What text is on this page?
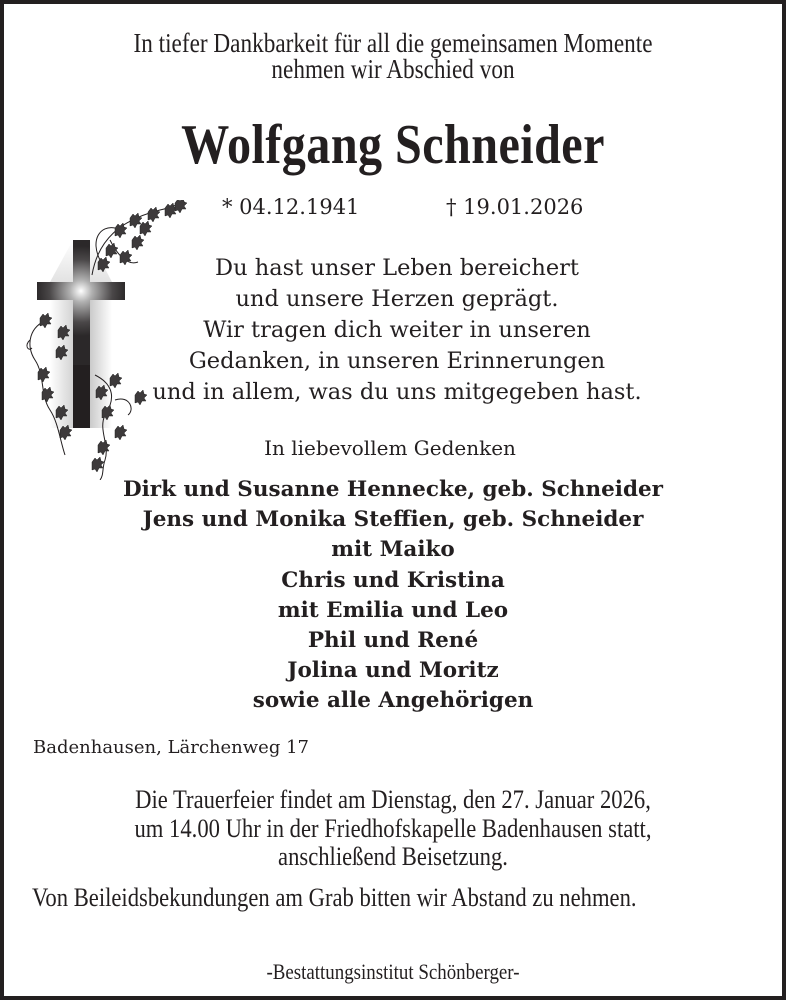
In tiefer Dankbarkeit für all die gemeinsamen Momente
nehmen wir Abschied von
Wolfgang Schneider
* 04.12.1941	† 19.01.2026
Du hast unser Leben bereichert
und unsere Herzen geprägt.
Wir tragen dich weiter in unseren
Gedanken, in unseren Erinnerungen
und in allem, was du uns mitgegeben hast.
In liebevollem Gedenken
Dirk und Susanne Hennecke, geb. Schneider
Jens und Monika Steffien, geb. Schneider
mit Maiko
Chris und Kristina
mit Emilia und Leo
Phil und René
Jolina und Moritz
sowie alle Angehörigen
Badenhausen, Lärchenweg 17
Die Trauerfeier findet am Dienstag, den 27. Januar 2026,
um 14.00 Uhr in der Friedhofskapelle Badenhausen statt,
anschließend Beisetzung.
Von Beileidsbekundungen am Grab bitten wir Abstand zu nehmen.
-Bestattungsinstitut Schönberger-
